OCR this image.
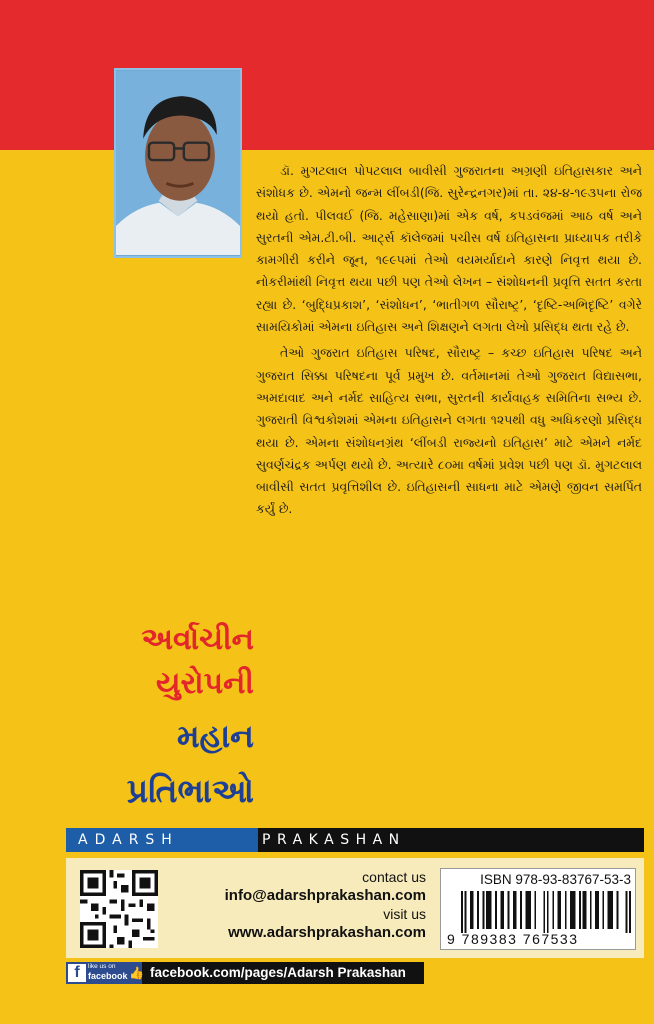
ડૉ. મુગટલાલ પોપટલાલ બાવીસી ગુજરાતના અગ્રણી ઇતિહાસકાર અને સંશોધક છે. એમનો જન્મ લીંબડી(જિ. સુરેન્દ્રનગર)માં તા. ૨૪-૪-૧૯૩૫ના રોજ થયો હતો. પીલવઈ (જિ. મહેસાણા)માં એક વર્ષ, કપડવંજમાં આઠ વર્ષ અને સુરતની એમ.ટી.બી. આર્ટ્સ કૉલેજમાં પચીસ વર્ષ ઇતિહાસના પ્રાધ્યાપક તરીકે કામગીરી કરીને જૂન, ૧૯૯૫માં તેઓ વયમર્યાદાને કારણે નિવૃત્ત થયા છે. નોકરીમાંથી નિવૃત્ત થયા પછી પણ તેઓ લેખન – સંશોધનની પ્રવૃત્તિ સતત કરતા રહ્યા છે. ‘બુદ્ધિપ્રકાશ’, ‘સંશોધન’, ‘ભાતીગળ સૌરાષ્ટ્ર’, ‘દૃષ્ટિ-અભિદૃષ્ટિ’ વગેરે સામયિકોમાં એમના ઇતિહાસ અને શિક્ષણને લગતા લેખો પ્રસિદ્ધ થતા રહે છે.

તેઓ ગુજરાત ઇતિહાસ પરિષદ, સૌરાષ્ટ્ર – કચ્છ ઇતિહાસ પરિષદ અને ગુજરાત સિક્કા પરિષદના પૂર્વ પ્રમુખ છે. વર્તમાનમાં તેઓ ગુજરાત વિદ્યાસભા, અમદાવાદ અને નર્મદ સાહિત્ય સભા, સુરતની કાર્યવાહક સમિતિના સભ્ય છે. ગુજરાતી વિશ્વકોશમાં એમના ઇતિહાસને લગતા ૧૨૫થી વધુ અધિકરણો પ્રસિદ્ધ થયા છે. એમના સંશોધનગ્રંથ ‘લીંબડી રાજ્યનો ઇતિહાસ’ માટે એમને નર્મદ સુવર્ણચંદ્રક અર્પણ થયો છે. અત્યારે ૮૦મા વર્ષમાં પ્રવેશ પછી પણ ડૉ. મુગટલાલ બાવીસી સતત પ્રવૃત્તિશીલ છે. ઇતિહાસની સાધના માટે એમણે જીવન સમર્પિત કર્યું છે.

અર્વાચીન
યુરોપની
મહાન
પ્રતિભાઓ
ADARSH	PRAKASHAN
contact us
info@adarshprakashan.com
visit us
www.adarshprakashan.com
ISBN 978-93-83767-53-3
9 789383 767533
f	like us on
facebook 👍 facebook.com/pages/Adarsh Prakashan
